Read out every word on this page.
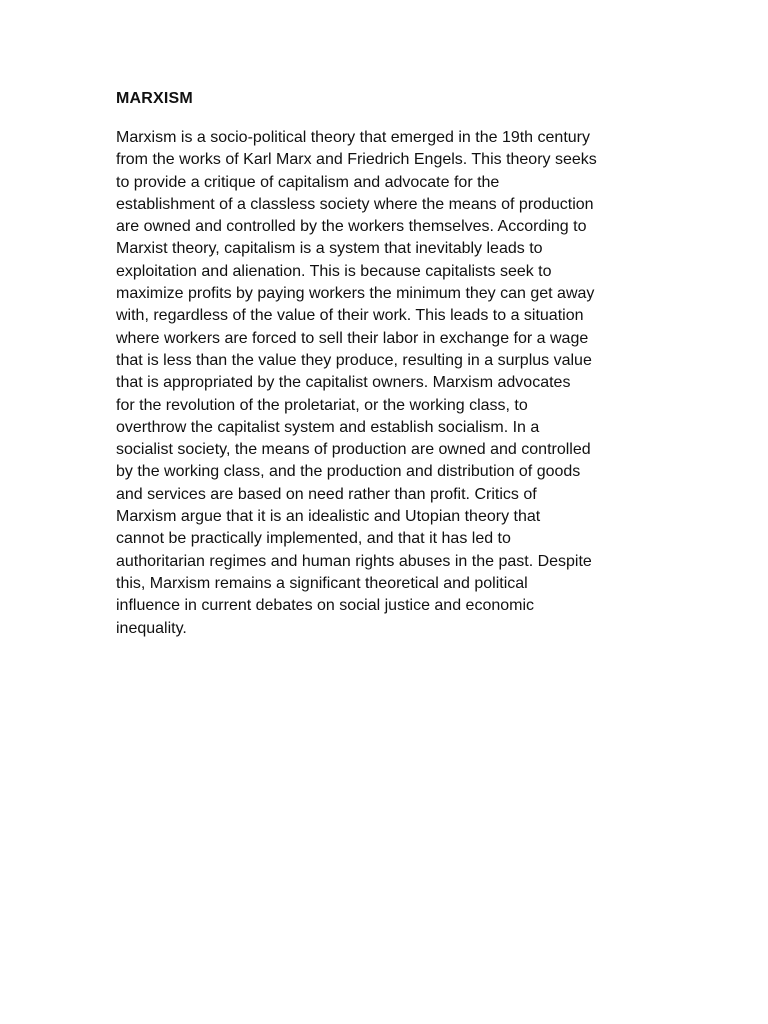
MARXISM

Marxism is a socio-political theory that emerged in the 19th century
from the works of Karl Marx and Friedrich Engels. This theory seeks
to provide a critique of capitalism and advocate for the
establishment of a classless society where the means of production
are owned and controlled by the workers themselves. According to
Marxist theory, capitalism is a system that inevitably leads to
exploitation and alienation. This is because capitalists seek to
maximize profits by paying workers the minimum they can get away
with, regardless of the value of their work. This leads to a situation
where workers are forced to sell their labor in exchange for a wage
that is less than the value they produce, resulting in a surplus value
that is appropriated by the capitalist owners. Marxism advocates
for the revolution of the proletariat, or the working class, to
overthrow the capitalist system and establish socialism. In a
socialist society, the means of production are owned and controlled
by the working class, and the production and distribution of goods
and services are based on need rather than profit. Critics of
Marxism argue that it is an idealistic and Utopian theory that
cannot be practically implemented, and that it has led to
authoritarian regimes and human rights abuses in the past. Despite
this, Marxism remains a significant theoretical and political
influence in current debates on social justice and economic
inequality.
